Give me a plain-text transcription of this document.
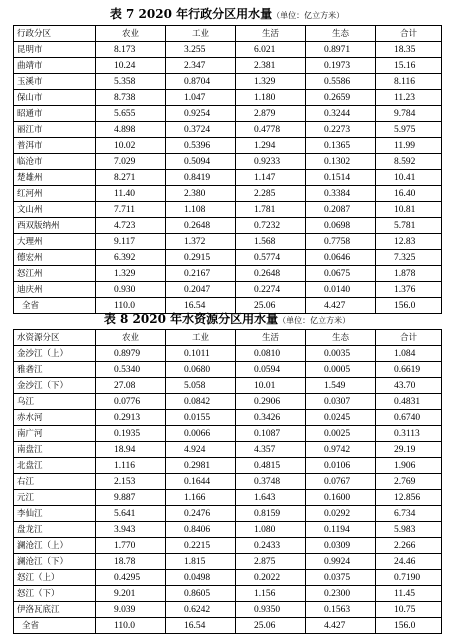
表 7 2020 年行政分区用水量（单位：亿立方米）
行政分区	农业	工业	生活	生态	合计
昆明市	8.173	3.255	6.021	0.8971	18.35
曲靖市	10.24	2.347	2.381	0.1973	15.16
玉溪市	5.358	0.8704	1.329	0.5586	8.116
保山市	8.738	1.047	1.180	0.2659	11.23
昭通市	5.655	0.9254	2.879	0.3244	9.784
丽江市	4.898	0.3724	0.4778	0.2273	5.975
普洱市	10.02	0.5396	1.294	0.1365	11.99
临沧市	7.029	0.5094	0.9233	0.1302	8.592
楚雄州	8.271	0.8419	1.147	0.1514	10.41
红河州	11.40	2.380	2.285	0.3384	16.40
文山州	7.711	1.108	1.781	0.2087	10.81
西双版纳州	4.723	0.2648	0.7232	0.0698	5.781
大理州	9.117	1.372	1.568	0.7758	12.83
德宏州	6.392	0.2915	0.5774	0.0646	7.325
怒江州	1.329	0.2167	0.2648	0.0675	1.878
迪庆州	0.930	0.2047	0.2274	0.0140	1.376
全省	110.0	16.54	25.06	4.427	156.0
表 8 2020 年水资源分区用水量（单位：亿立方米）
水资源分区	农业	工业	生活	生态	合计
金沙江（上）	0.8979	0.1011	0.0810	0.0035	1.084
雅砻江	0.5340	0.0680	0.0594	0.0005	0.6619
金沙江（下）	27.08	5.058	10.01	1.549	43.70
乌江	0.0776	0.0842	0.2906	0.0307	0.4831
赤水河	0.2913	0.0155	0.3426	0.0245	0.6740
南广河	0.1935	0.0066	0.1087	0.0025	0.3113
南盘江	18.94	4.924	4.357	0.9742	29.19
北盘江	1.116	0.2981	0.4815	0.0106	1.906
右江	2.153	0.1644	0.3748	0.0767	2.769
元江	9.887	1.166	1.643	0.1600	12.856
李仙江	5.641	0.2476	0.8159	0.0292	6.734
盘龙江	3.943	0.8406	1.080	0.1194	5.983
澜沧江（上）	1.770	0.2215	0.2433	0.0309	2.266
澜沧江（下）	18.78	1.815	2.875	0.9924	24.46
怒江（上）	0.4295	0.0498	0.2022	0.0375	0.7190
怒江（下）	9.201	0.8605	1.156	0.2300	11.45
伊洛瓦底江	9.039	0.6242	0.9350	0.1563	10.75
全省	110.0	16.54	25.06	4.427	156.0
